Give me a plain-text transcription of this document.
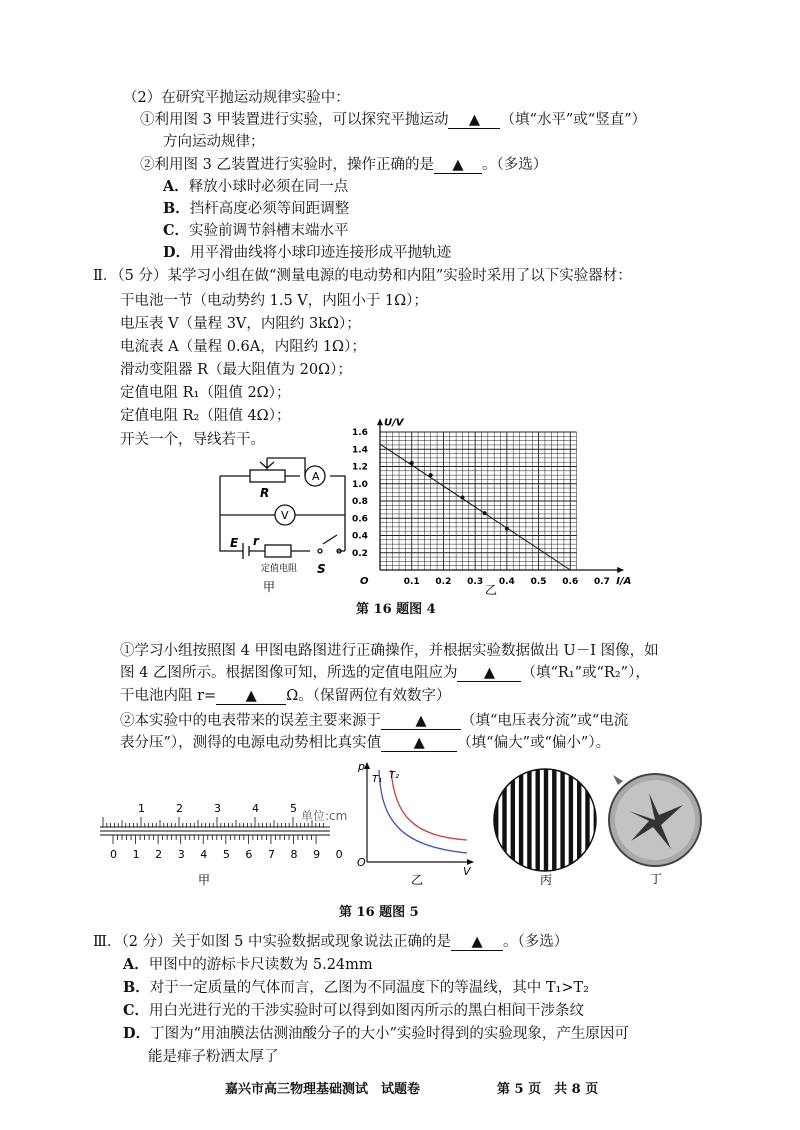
（2）在研究平抛运动规律实验中：
①利用图 3 甲装置进行实验，可以探究平抛运动 ▲ （填“水平”或“竖直”）
方向运动规律；
②利用图 3 乙装置进行实验时，操作正确的是 ▲ 。（多选）
A．释放小球时必须在同一点
B．挡杆高度必须等间距调整
C．实验前调节斜槽末端水平
D．用平滑曲线将小球印迹连接形成平抛轨迹
Ⅱ．（5 分）某学习小组在做“测量电源的电动势和内阻”实验时采用了以下实验器材：
干电池一节（电动势约 1.5 V，内阻小于 1Ω）；
电压表 V（量程 3V，内阻约 3kΩ）；
电流表 A（量程 0.6A，内阻约 1Ω）；
滑动变阻器 R（最大阻值为 20Ω）；
定值电阻 R₁（阻值 2Ω）；
定值电阻 R₂（阻值 4Ω）；
开关一个，导线若干。
A
V
R
E r
定值电阻 S
甲	0.1 0.2 0.3 0.4 0.5 0.6 0.7
0.2
0.4
0.6
0.8
1.0
1.2
1.4
1.6
O	I/A
U/V
乙
第 16 题图 4
①学习小组按照图 4 甲图电路图进行正确操作，并根据实验数据做出 U－I 图像，如
图 4 乙图所示。根据图像可知，所选的定值电阻应为 ▲ （填“R₁”或“R₂”），
干电池内阻 r= ▲ Ω。（保留两位有效数字）
②本实验中的电表带来的误差主要来源于 ▲ （填“电压表分流”或“电流
表分压”），测得的电源电动势相比真实值 ▲ （填“偏大”或“偏小”）。
1	2	3	4	5
0 1 2 3 4 5 6 7 8 9 0
单位:cm
甲
p
V
O
T₁ T₂
乙	丙	丁
第 16 题图 5
Ⅲ．（2 分）关于如图 5 中实验数据或现象说法正确的是 ▲ 。（多选）
A．甲图中的游标卡尺读数为 5.24mm
B．对于一定质量的气体而言，乙图为不同温度下的等温线，其中 T₁>T₂
C．用白光进行光的干涉实验时可以得到如图丙所示的黑白相间干涉条纹
D．丁图为“用油膜法估测油酸分子的大小”实验时得到的实验现象，产生原因可
能是痱子粉洒太厚了
嘉兴市高三物理基础测试　试题卷	第 5 页　共 8 页
